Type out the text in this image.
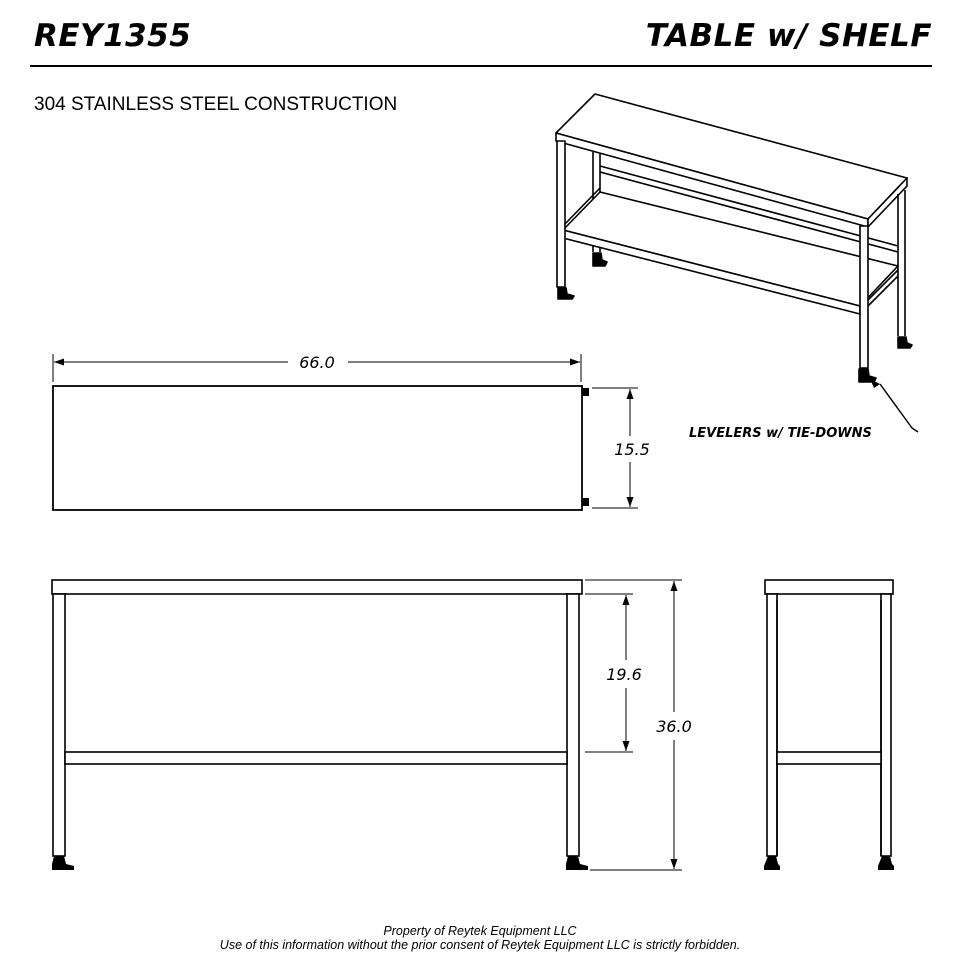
REY1355	TABLE w/ SHELF
304 STAINLESS STEEL CONSTRUCTION
66.0
15.5
19.6
36.0
LEVELERS w/ TIE-DOWNS
Property of Reytek Equipment LLC
Use of this information without the prior consent of Reytek Equipment LLC is strictly forbidden.
